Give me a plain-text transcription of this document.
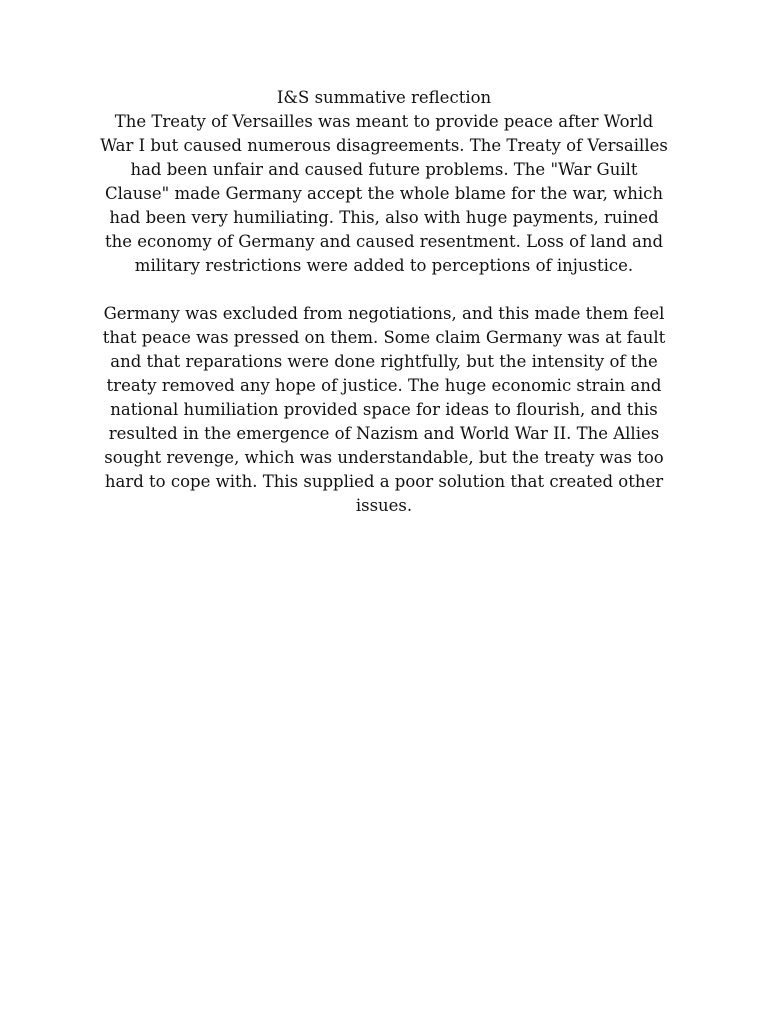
I&S summative reflection
The Treaty of Versailles was meant to provide peace after World
War I but caused numerous disagreements. The Treaty of Versailles
had been unfair and caused future problems. The "War Guilt
Clause" made Germany accept the whole blame for the war, which
had been very humiliating. This, also with huge payments, ruined
the economy of Germany and caused resentment. Loss of land and
military restrictions were added to perceptions of injustice.
Germany was excluded from negotiations, and this made them feel
that peace was pressed on them. Some claim Germany was at fault
and that reparations were done rightfully, but the intensity of the
treaty removed any hope of justice. The huge economic strain and
national humiliation provided space for ideas to flourish, and this
resulted in the emergence of Nazism and World War II. The Allies
sought revenge, which was understandable, but the treaty was too
hard to cope with. This supplied a poor solution that created other
issues.
